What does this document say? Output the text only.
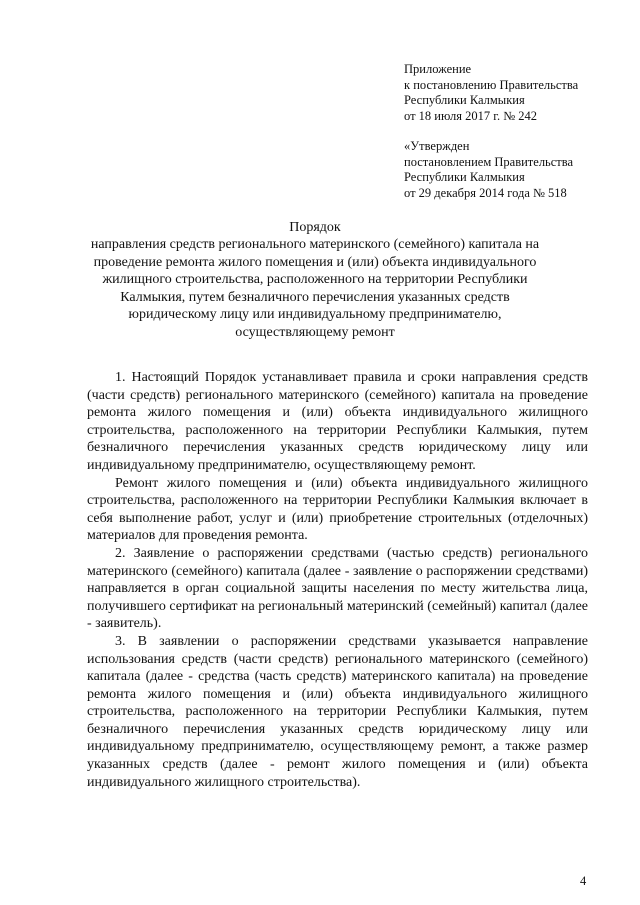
Приложение
к постановлению Правительства
Республики Калмыкия
от 18 июля 2017 г. № 242
«Утвержден
постановлением Правительства
Республики Калмыкия
от 29 декабря 2014 года № 518
Порядок
направления средств регионального материнского (семейного) капитала на проведение ремонта жилого помещения и (или) объекта индивидуального жилищного строительства, расположенного на территории Республики Калмыкия, путем безналичного перечисления указанных средств юридическому лицу или индивидуальному предпринимателю, осуществляющему ремонт

1. Настоящий Порядок устанавливает правила и сроки направления средств (части средств) регионального материнского (семейного) капитала на проведение ремонта жилого помещения и (или) объекта индивидуального жилищного строительства, расположенного на территории Республики Калмыкия, путем безналичного перечисления указанных средств юридическому лицу или индивидуальному предпринимателю, осуществляющему ремонт.

Ремонт жилого помещения и (или) объекта индивидуального жилищного строительства, расположенного на территории Республики Калмыкия включает в себя выполнение работ, услуг и (или) приобретение строительных (отделочных) материалов для проведения ремонта.

2. Заявление о распоряжении средствами (частью средств) регионального материнского (семейного) капитала (далее - заявление о распоряжении средствами) направляется в орган социальной защиты населения по месту жительства лица, получившего сертификат на региональный материнский (семейный) капитал (далее - заявитель).

3. В заявлении о распоряжении средствами указывается направление использования средств (части средств) регионального материнского (семейного) капитала (далее - средства (часть средств) материнского капитала) на проведение ремонта жилого помещения и (или) объекта индивидуального жилищного строительства, расположенного на территории Республики Калмыкия, путем безналичного перечисления указанных средств юридическому лицу или индивидуальному предпринимателю, осуществляющему ремонт, а также размер указанных средств (далее - ремонт жилого помещения и (или) объекта индивидуального жилищного строительства).

4
